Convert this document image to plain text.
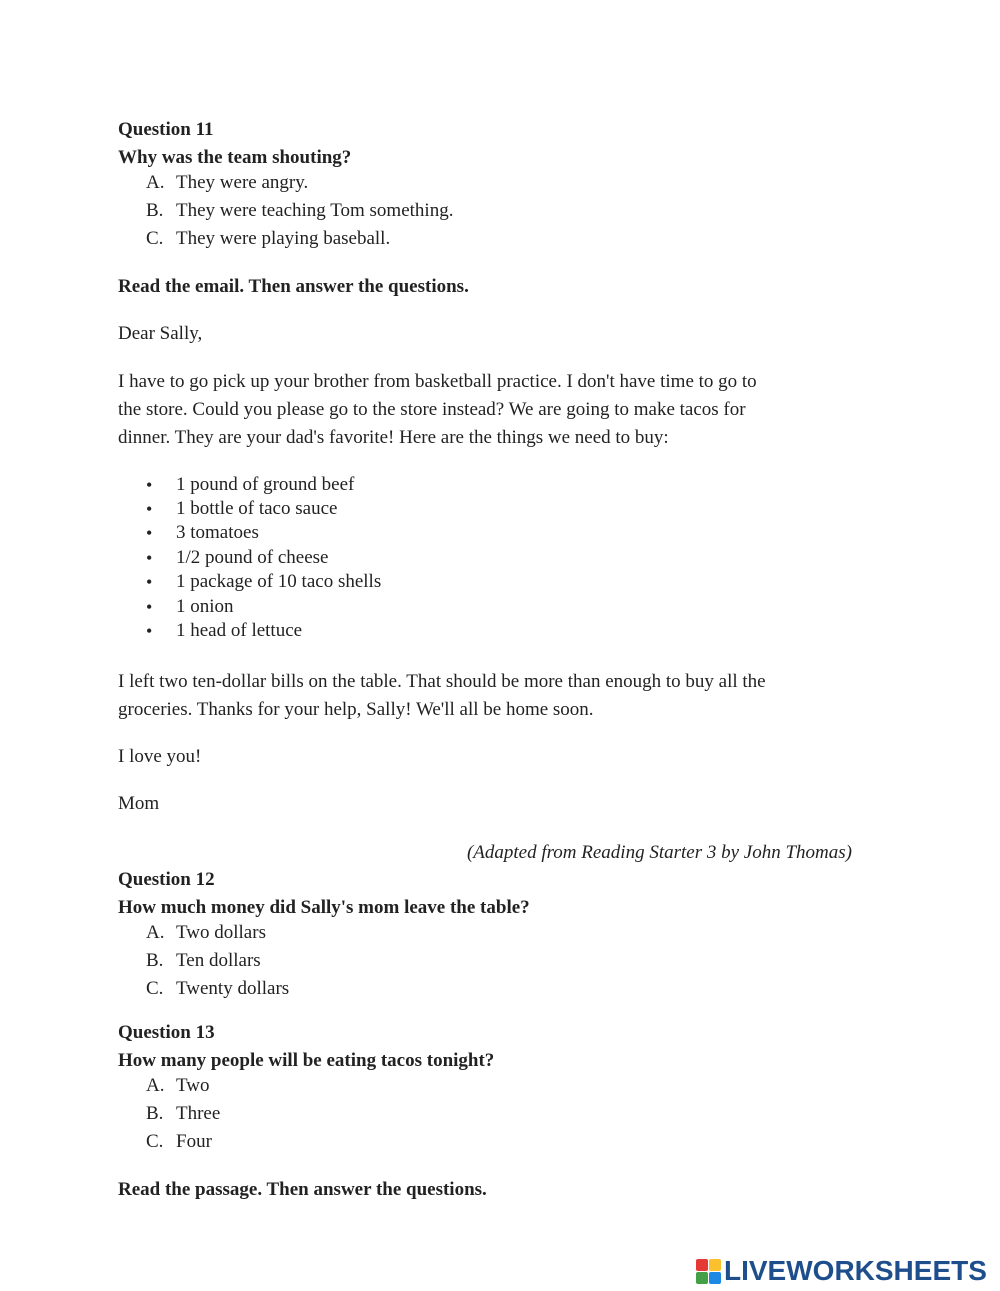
Question 11
Why was the team shouting?
A. They were angry.
B. They were teaching Tom something.
C. They were playing baseball.
Read the email. Then answer the questions.
Dear Sally,
I have to go pick up your brother from basketball practice. I don't have time to go to
the store. Could you please go to the store instead? We are going to make tacos for
dinner. They are your dad's favorite! Here are the things we need to buy:
• 1 pound of ground beef
• 1 bottle of taco sauce
• 3 tomatoes
• 1/2 pound of cheese
• 1 package of 10 taco shells
• 1 onion
• 1 head of lettuce
I left two ten-dollar bills on the table. That should be more than enough to buy all the
groceries. Thanks for your help, Sally! We'll all be home soon.
I love you!
Mom
(Adapted from Reading Starter 3 by John Thomas)
Question 12
How much money did Sally's mom leave the table?
A. Two dollars
B. Ten dollars
C. Twenty dollars
Question 13
How many people will be eating tacos tonight?
A. Two
B. Three
C. Four
Read the passage. Then answer the questions.
LIVEWORKSHEETS
